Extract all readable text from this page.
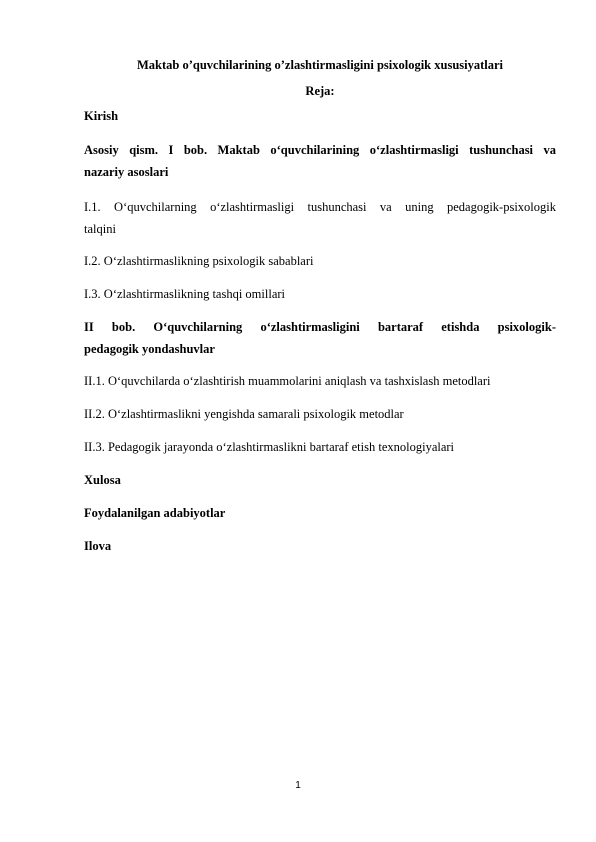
Maktab o’quvchilarining o’zlashtirmasligini psixologik xususiyatlari
Reja:
Kirish
Asosiy qism. I bob. Maktab o‘quvchilarining o‘zlashtirmasligi tushunchasi va
nazariy asoslari
I.1. O‘quvchilarning o‘zlashtirmasligi tushunchasi va uning pedagogik-psixologik
talqini
I.2. O‘zlashtirmaslikning psixologik sabablari
I.3. O‘zlashtirmaslikning tashqi omillari
II bob. O‘quvchilarning o‘zlashtirmasligini bartaraf etishda psixologik-
pedagogik yondashuvlar
II.1. O‘quvchilarda o‘zlashtirish muammolarini aniqlash va tashxislash metodlari
II.2. O‘zlashtirmaslikni yengishda samarali psixologik metodlar
II.3. Pedagogik jarayonda o‘zlashtirmaslikni bartaraf etish texnologiyalari
Xulosa
Foydalanilgan adabiyotlar
Ilova
1
